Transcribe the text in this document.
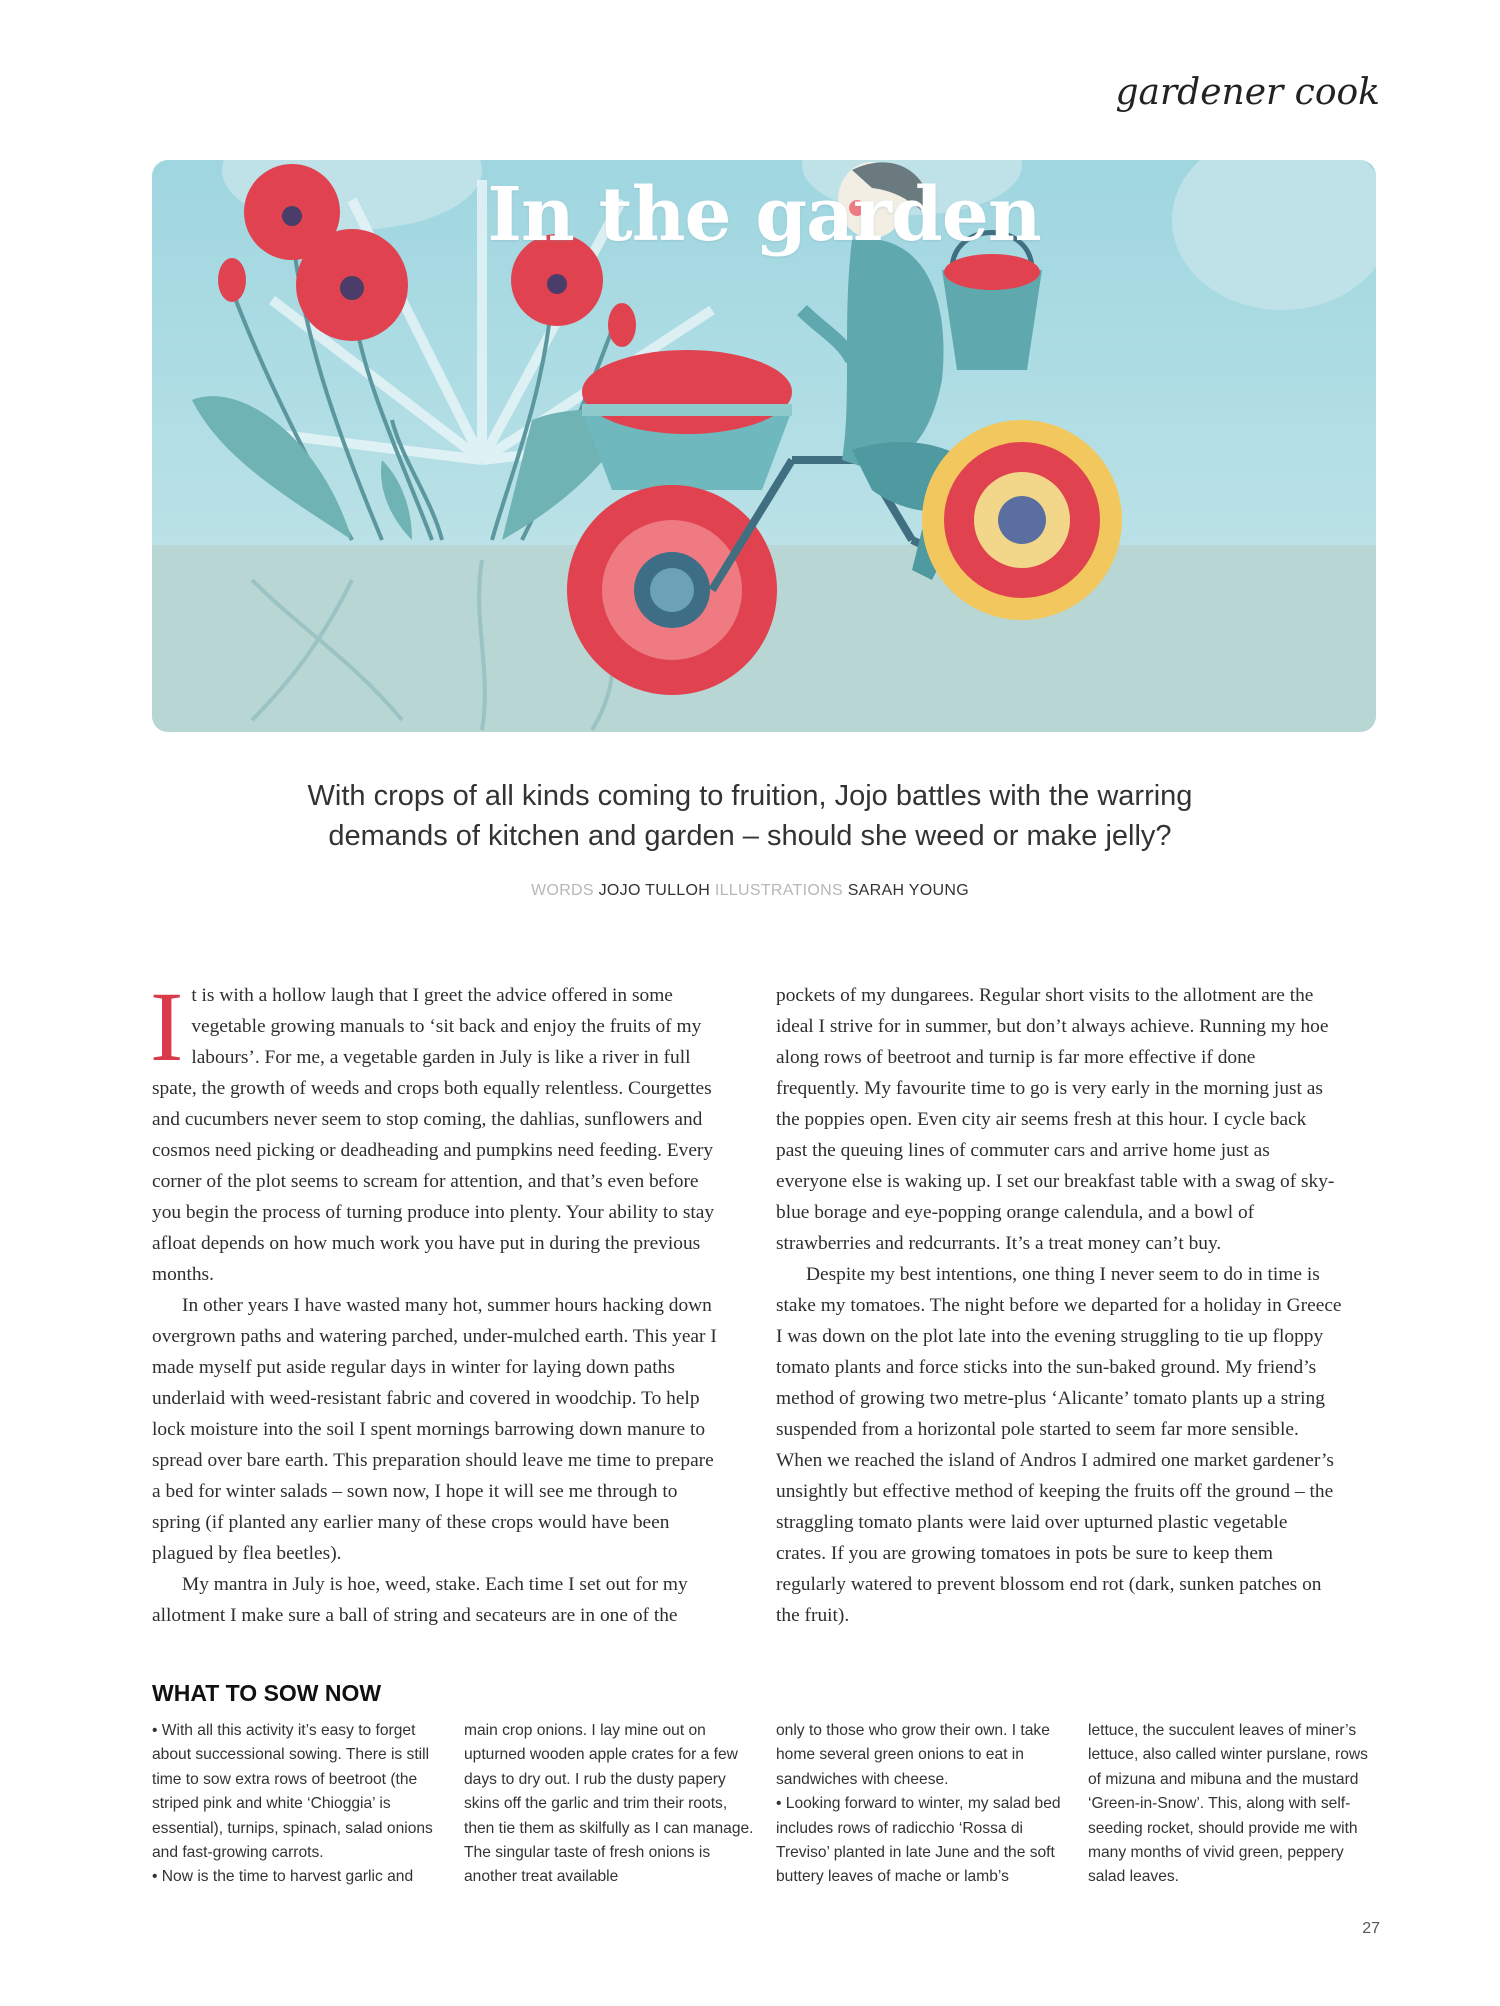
gardener cook
In the garden
With crops of all kinds coming to fruition, Jojo battles with the warring
demands of kitchen and garden – should she weed or make jelly?
WORDS JOJO TULLOH ILLUSTRATIONS SARAH YOUNG

It is with a hollow laugh that I greet the advice offered in some vegetable growing manuals to ‘sit back and enjoy the fruits of my labours’. For me, a vegetable garden in July is like a river in full spate, the growth of weeds and crops both equally relentless. Courgettes and cucumbers never seem to stop coming, the dahlias, sunflowers and cosmos need picking or deadheading and pumpkins need feeding. Every corner of the plot seems to scream for attention, and that’s even before you begin the process of turning produce into plenty. Your ability to stay afloat depends on how much work you have put in during the previous months.

In other years I have wasted many hot, summer hours hacking down overgrown paths and watering parched, under-mulched earth. This year I made myself put aside regular days in winter for laying down paths underlaid with weed-resistant fabric and covered in woodchip. To help lock moisture into the soil I spent mornings barrowing down manure to spread over bare earth. This preparation should leave me time to prepare a bed for winter salads – sown now, I hope it will see me through to spring (if planted any earlier many of these crops would have been plagued by flea beetles).

My mantra in July is hoe, weed, stake. Each time I set out for my allotment I make sure a ball of string and secateurs are in one of the

pockets of my dungarees. Regular short visits to the allotment are the ideal I strive for in summer, but don’t always achieve. Running my hoe along rows of beetroot and turnip is far more effective if done frequently. My favourite time to go is very early in the morning just as the poppies open. Even city air seems fresh at this hour. I cycle back past the queuing lines of commuter cars and arrive home just as everyone else is waking up. I set our breakfast table with a swag of sky-blue borage and eye-popping orange calendula, and a bowl of strawberries and redcurrants. It’s a treat money can’t buy.

Despite my best intentions, one thing I never seem to do in time is stake my tomatoes. The night before we departed for a holiday in Greece I was down on the plot late into the evening struggling to tie up floppy tomato plants and force sticks into the sun-baked ground. My friend’s method of growing two metre-plus ‘Alicante’ tomato plants up a string suspended from a horizontal pole started to seem far more sensible. When we reached the island of Andros I admired one market gardener’s unsightly but effective method of keeping the fruits off the ground – the straggling tomato plants were laid over upturned plastic vegetable crates. If you are growing tomatoes in pots be sure to keep them regularly watered to prevent blossom end rot (dark, sunken patches on the fruit).

WHAT TO SOW NOW

• With all this activity it’s easy to forget about successional sowing. There is still time to sow extra rows of beetroot (the striped pink and white ‘Chioggia’ is essential), turnips, spinach, salad onions and fast-growing carrots.

• Now is the time to harvest garlic and

main crop onions. I lay mine out on upturned wooden apple crates for a few days to dry out. I rub the dusty papery skins off the garlic and trim their roots, then tie them as skilfully as I can manage. The singular taste of fresh onions is another treat available

only to those who grow their own. I take home several green onions to eat in sandwiches with cheese.

• Looking forward to winter, my salad bed includes rows of radicchio ‘Rossa di Treviso’ planted in late June and the soft buttery leaves of mache or lamb’s

lettuce, the succulent leaves of miner’s lettuce, also called winter purslane, rows of mizuna and mibuna and the mustard ‘Green-in-Snow’. This, along with self-seeding rocket, should provide me with many months of vivid green, peppery salad leaves.

27
